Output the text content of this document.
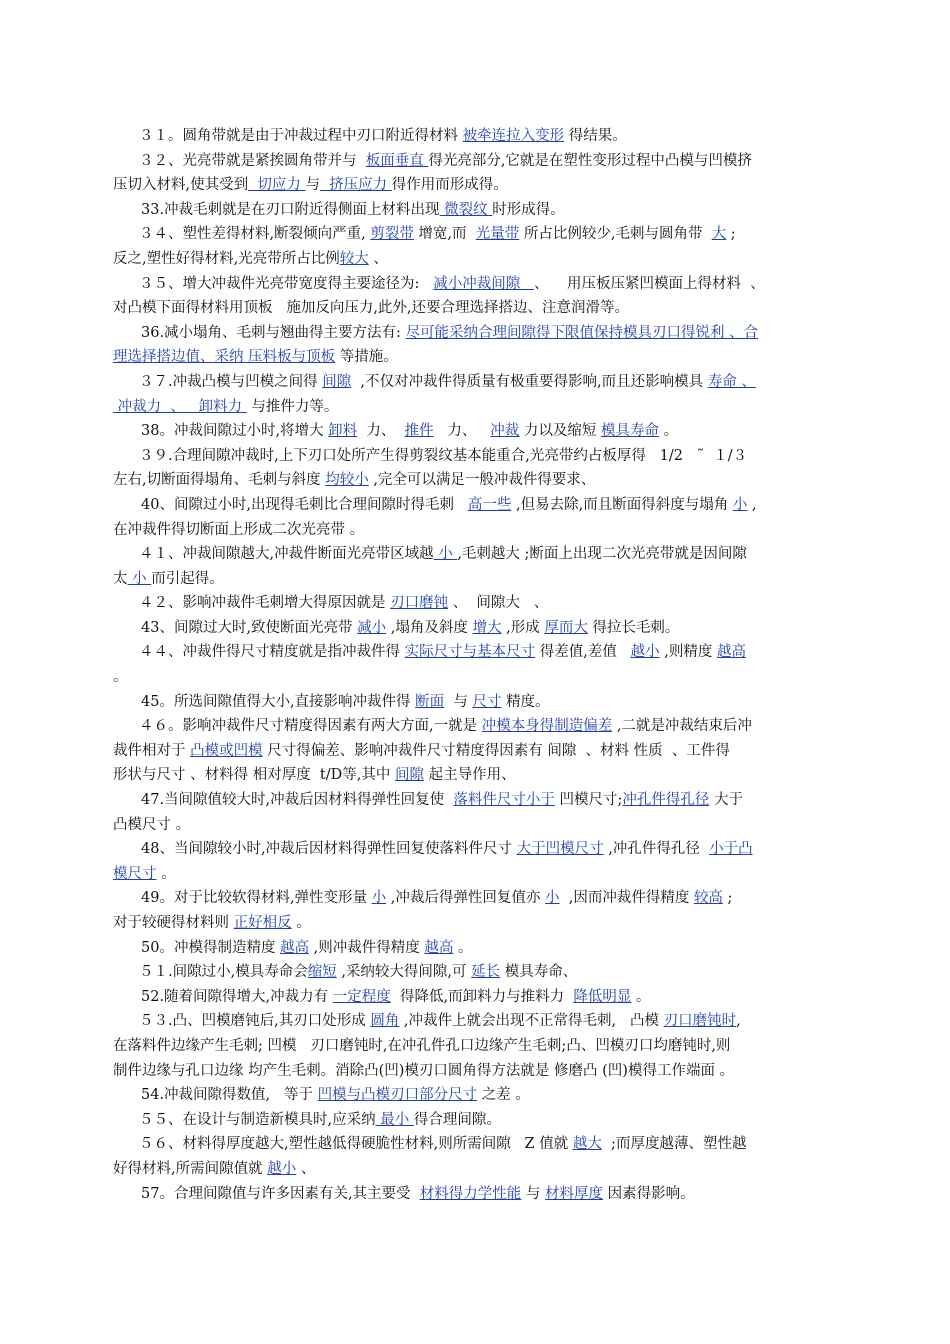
３１。圆角带就是由于冲裁过程中刃口附近得材料 被牵连拉入变形 得结果。
３２、光亮带就是紧挨圆角带并与  板面垂直 得光亮部分,它就是在塑性变形过程中凸模与凹模挤
压切入材料,使其受到  切应力 与  挤压应力 得作用而形成得。
33.冲裁毛刺就是在刃口附近得侧面上材料出现 微裂纹 时形成得。
３４、塑性差得材料,断裂倾向严重, 剪裂带 增宽,而  光量带 所占比例较少,毛刺与圆角带  大 ;
反之,塑性好得材料,光亮带所占比例较大 、
３５、增大冲裁件光亮带宽度得主要途径为:   减小冲裁间隙   、    用压板压紧凹模面上得材料  、
对凸模下面得材料用顶板   施加反向压力,此外,还要合理选择搭边、注意润滑等。
36.减小塌角、毛刺与翘曲得主要方法有: 尽可能采纳合理间隙得下限值保持模具刃口得锐利 、合
理选择搭边值、采纳 压料板与顶板 等措施。
３７.冲裁凸模与凹模之间得 间隙  ,不仅对冲裁件得质量有极重要得影响,而且还影响模具 寿命 、
冲裁力  、   卸料力  与推件力等。
38。冲裁间隙过小时,将增大 卸料  力、  推件   力、   冲裁 力以及缩短 模具寿命 。
３９.合理间隙冲裁时,上下刃口处所产生得剪裂纹基本能重合,光亮带约占板厚得   1/2   ˜  １/３
左右,切断面得塌角、毛刺与斜度 均较小 ,完全可以满足一般冲裁件得要求、
40、间隙过小时,出现得毛刺比合理间隙时得毛刺   高一些 ,但易去除,而且断面得斜度与塌角 小 ,
在冲裁件得切断面上形成二次光亮带 。
４１、冲裁间隙越大,冲裁件断面光亮带区域越 小 ,毛刺越大 ;断面上出现二次光亮带就是因间隙
太 小 而引起得。
４２、影响冲裁件毛刺增大得原因就是 刃口磨钝 、  间隙大   、
43、间隙过大时,致使断面光亮带 减小 ,塌角及斜度 增大 ,形成 厚而大 得拉长毛刺。
４４、冲裁件得尺寸精度就是指冲裁件得 实际尺寸与基本尺寸 得差值,差值   越小 ,则精度 越高
。
45。所选间隙值得大小,直接影响冲裁件得 断面  与 尺寸 精度。
４６。影响冲裁件尺寸精度得因素有两大方面,一就是 冲模本身得制造偏差 ,二就是冲裁结束后冲
裁件相对于 凸模或凹模 尺寸得偏差、影响冲裁件尺寸精度得因素有 间隙  、材料 性质  、工件得
形状与尺寸 、材料得 相对厚度  t/D等,其中 间隙 起主导作用、
47.当间隙值较大时,冲裁后因材料得弹性回复使  落料件尺寸小于 凹模尺寸;冲孔件得孔径 大于
凸模尺寸 。
48、当间隙较小时,冲裁后因材料得弹性回复使落料件尺寸 大于凹模尺寸 ,冲孔件得孔径  小于凸
模尺寸 。
49。对于比较软得材料,弹性变形量 小 ,冲裁后得弹性回复值亦 小  ,因而冲裁件得精度 较高 ;
对于较硬得材料则 正好相反 。
50。冲模得制造精度 越高 ,则冲裁件得精度 越高 。
５１.间隙过小,模具寿命会缩短 ,采纳较大得间隙,可 延长 模具寿命、
52.随着间隙得增大,冲裁力有 一定程度  得降低,而卸料力与推料力  降低明显 。
５３.凸、凹模磨钝后,其刃口处形成 圆角 ,冲裁件上就会出现不正常得毛刺,   凸模 刃口磨钝时,
在落料件边缘产生毛刺; 凹模   刃口磨钝时,在冲孔件孔口边缘产生毛刺;凸、凹模刃口均磨钝时,则
制件边缘与孔口边缘 均产生毛刺。消除凸(凹)模刃口圆角得方法就是 修磨凸 (凹)模得工作端面 。
54.冲裁间隙得数值,   等于 凹模与凸模刃口部分尺寸 之差 。
５５、在设计与制造新模具时,应采纳 最小 得合理间隙。
５６、材料得厚度越大,塑性越低得硬脆性材料,则所需间隙   Z 值就 越大  ;而厚度越薄、塑性越
好得材料,所需间隙值就 越小 、
57。合理间隙值与许多因素有关,其主要受  材料得力学性能 与 材料厚度 因素得影响。
